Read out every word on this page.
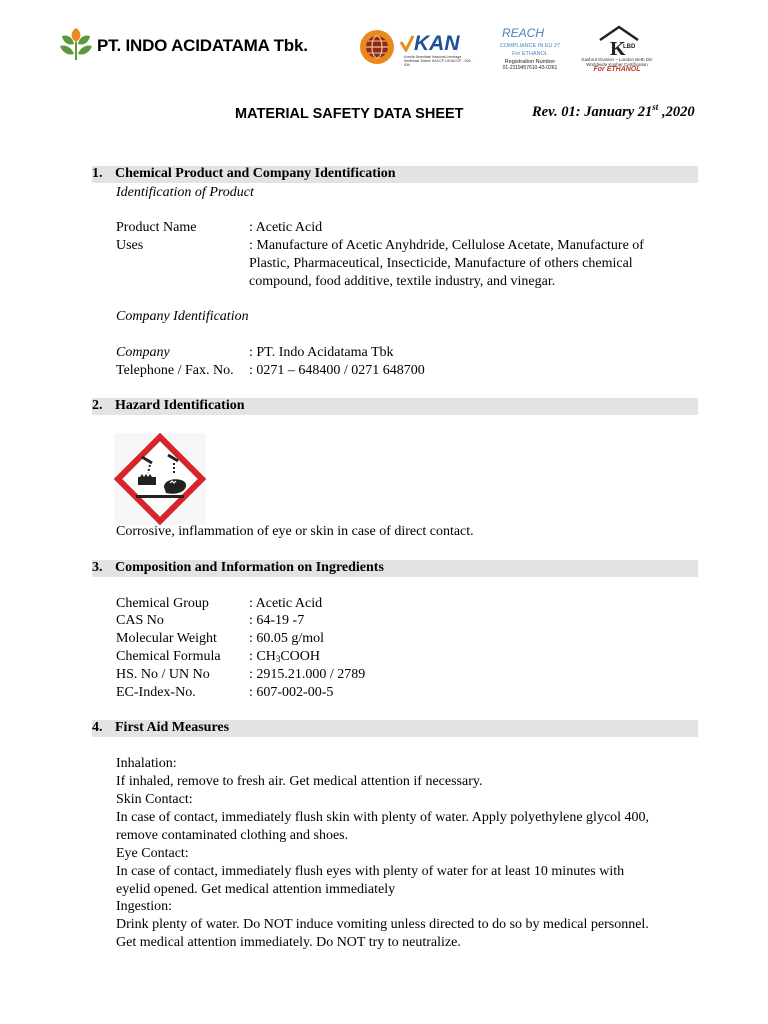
PT. INDO ACIDATAMA Tbk.	KAN
Komite Akreditasi Nasional Lembaga Sertifikasi Sistem HACCP LSHACCP - 005 - IDN
REACH
COMPLIANCE IN EU 27
For ETHANOL
Registration Number
01-2119457610-43-0261
K
LBD
Kashrut Division – London Beth Din Worldwide Kosher Certification
For ETHANOL
MATERIAL SAFETY DATA SHEET	Rev. 01: January 21st ,2020
1. Chemical Product and Company Identification
Identification of Product
Product Name	: Acetic Acid
Uses	: Manufacture of Acetic Anyhdride, Cellulose Acetate, Manufacture of
Plastic, Pharmaceutical, Insecticide, Manufacture of others chemical
compound, food additive, textile industry, and vinegar.
Company Identification
Company	: PT. Indo Acidatama Tbk
Telephone / Fax. No. : 0271 – 648400 / 0271 648700
2. Hazard Identification
Corrosive, inflammation of eye or skin in case of direct contact.
3. Composition and Information on Ingredients
Chemical Group	: Acetic Acid
CAS No	: 64-19 -7
Molecular Weight : 60.05 g/mol
Chemical Formula : $CH_3COOH$
HS. No / UN No	: 2915.21.000 / 2789
EC-Index-No.	: 607-002-00-5
4. First Aid Measures
Inhalation:
If inhaled, remove to fresh air. Get medical attention if necessary.
Skin Contact:
In case of contact, immediately flush skin with plenty of water. Apply polyethylene glycol 400,
remove contaminated clothing and shoes.
Eye Contact:
In case of contact, immediately flush eyes with plenty of water for at least 10 minutes with
eyelid opened. Get medical attention immediately
Ingestion:
Drink plenty of water. Do NOT induce vomiting unless directed to do so by medical personnel.
Get medical attention immediately. Do NOT try to neutralize.
